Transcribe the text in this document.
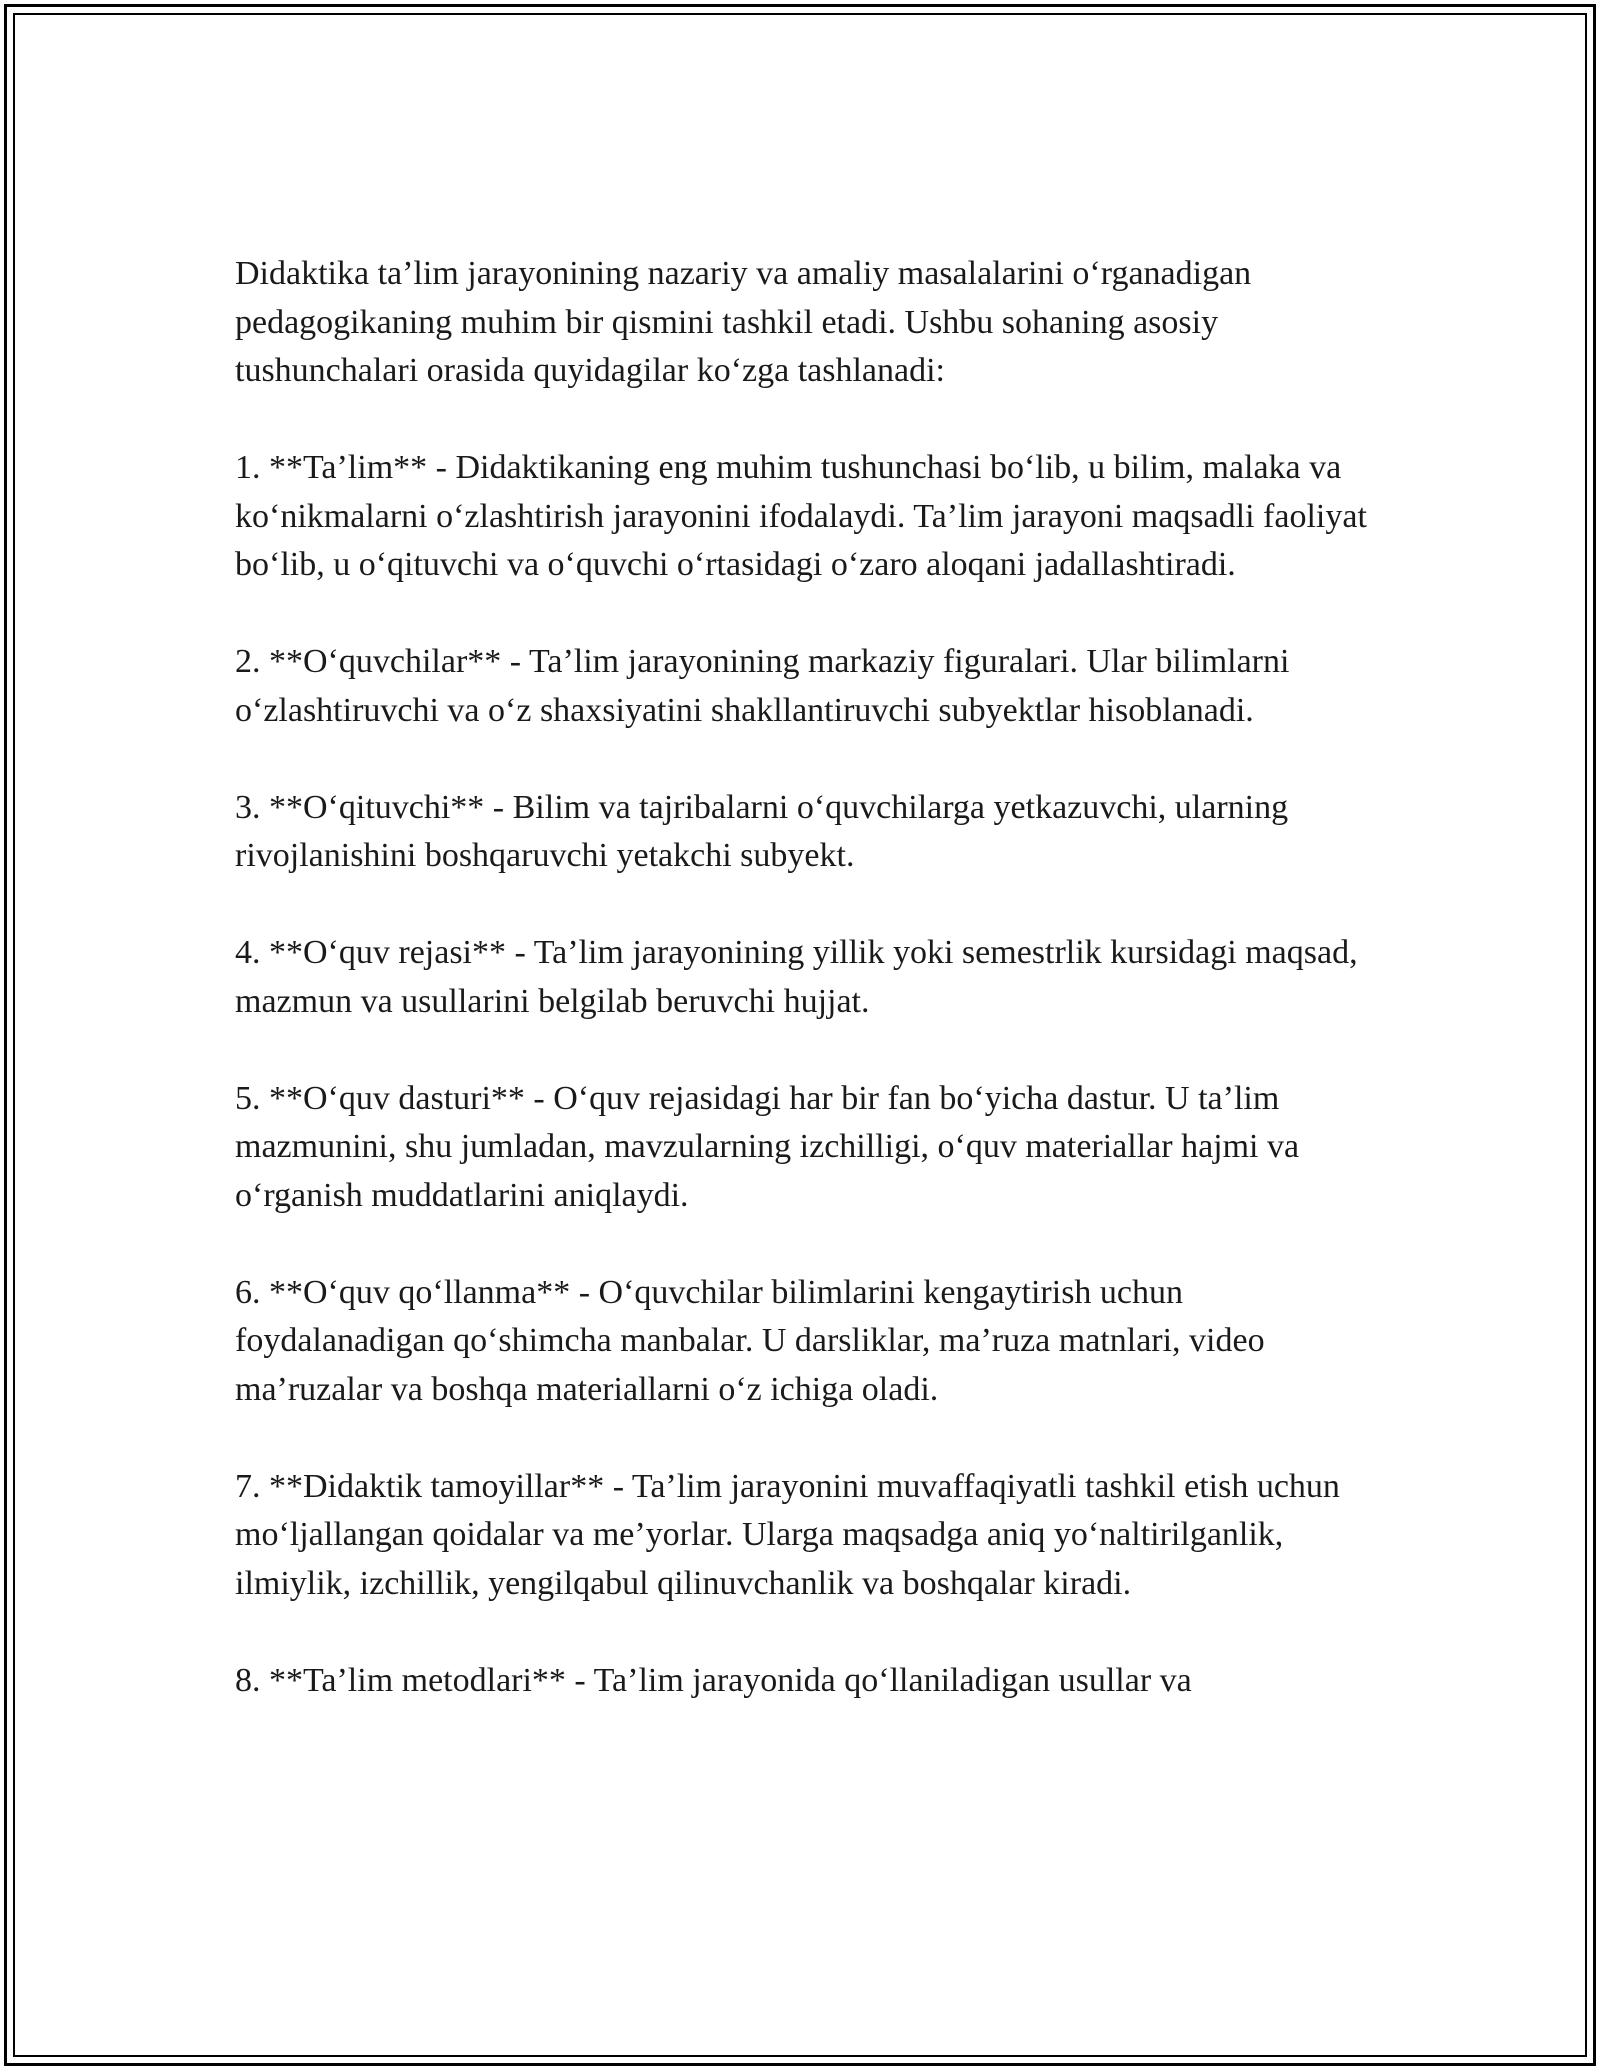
Didaktika ta’lim jarayonining nazariy va amaliy masalalarini o‘rganadigan pedagogikaning muhim bir qismini tashkil etadi. Ushbu sohaning asosiy tushunchalari orasida quyidagilar ko‘zga tashlanadi:

1. **Ta’lim** - Didaktikaning eng muhim tushunchasi bo‘lib, u bilim, malaka va ko‘nikmalarni o‘zlashtirish jarayonini ifodalaydi. Ta’lim jarayoni maqsadli faoliyat bo‘lib, u o‘qituvchi va o‘quvchi o‘rtasidagi o‘zaro aloqani jadallashtiradi.

2. **O‘quvchilar** - Ta’lim jarayonining markaziy figuralari. Ular bilimlarni o‘zlashtiruvchi va o‘z shaxsiyatini shakllantiruvchi subyektlar hisoblanadi.

3. **O‘qituvchi** - Bilim va tajribalarni o‘quvchilarga yetkazuvchi, ularning rivojlanishini boshqaruvchi yetakchi subyekt.

4. **O‘quv rejasi** - Ta’lim jarayonining yillik yoki semestrlik kursidagi maqsad, mazmun va usullarini belgilab beruvchi hujjat.

5. **O‘quv dasturi** - O‘quv rejasidagi har bir fan bo‘yicha dastur. U ta’lim mazmunini, shu jumladan, mavzularning izchilligi, o‘quv materiallar hajmi va o‘rganish muddatlarini aniqlaydi.

6. **O‘quv qo‘llanma** - O‘quvchilar bilimlarini kengaytirish uchun foydalanadigan qo‘shimcha manbalar. U darsliklar, ma’ruza matnlari, video ma’ruzalar va boshqa materiallarni o‘z ichiga oladi.

7. **Didaktik tamoyillar** - Ta’lim jarayonini muvaffaqiyatli tashkil etish uchun mo‘ljallangan qoidalar va me’yorlar. Ularga maqsadga aniq yo‘naltirilganlik, ilmiylik, izchillik, yengilqabul qilinuvchanlik va boshqalar kiradi.

8. **Ta’lim metodlari** - Ta’lim jarayonida qo‘llaniladigan usullar va
